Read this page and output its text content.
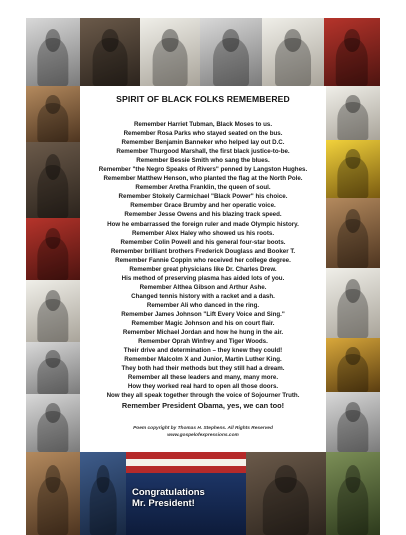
Congratulations
Mr. President!
SPIRIT OF BLACK FOLKS REMEMBERED
Remember Harriet Tubman, Black Moses to us.
Remember Rosa Parks who stayed seated on the bus.
Remember Benjamin Banneker who helped lay out D.C.
Remember Thurgood Marshall, the first black justice-to-be.
Remember Bessie Smith who sang the blues.
Remember "the Negro Speaks of Rivers" penned by Langston Hughes.
Remember Matthew Henson, who planted the flag at the North Pole.
Remember Aretha Franklin, the queen of soul.
Remember Stokely Carmichael "Black Power" his choice.
Remember Grace Brumby and her operatic voice.
Remember Jesse Owens and his blazing track speed.
How he embarrassed the foreign ruler and made Olympic history.
Remember Alex Haley who showed us his roots.
Remember Colin Powell and his general four-star boots.
Remember brilliant brothers Frederick Douglass and Booker T.
Remember Fannie Coppin who received her college degree.
Remember great physicians like Dr. Charles Drew.
His method of preserving plasma has aided lots of you.
Remember Althea Gibson and Arthur Ashe.
Changed tennis history with a racket and a dash.
Remember Ali who danced in the ring.
Remember James Johnson "Lift Every Voice and Sing."
Remember Magic Johnson and his on court flair.
Remember Michael Jordan and how he hung in the air.
Remember Oprah Winfrey and Tiger Woods.
Their drive and determination – they knew they could!
Remember Malcolm X and Junior, Martin Luther King.
They both had their methods but they still had a dream.
Remember all these leaders and many, many more.
How they worked real hard to open all those doors.
Now they all speak together through the voice of Sojourner Truth.
Remember President Obama, yes, we can too!
Poem copyright by Thomas H. Stephens. All Rights Reserved
www.gospelofexpressions.com
